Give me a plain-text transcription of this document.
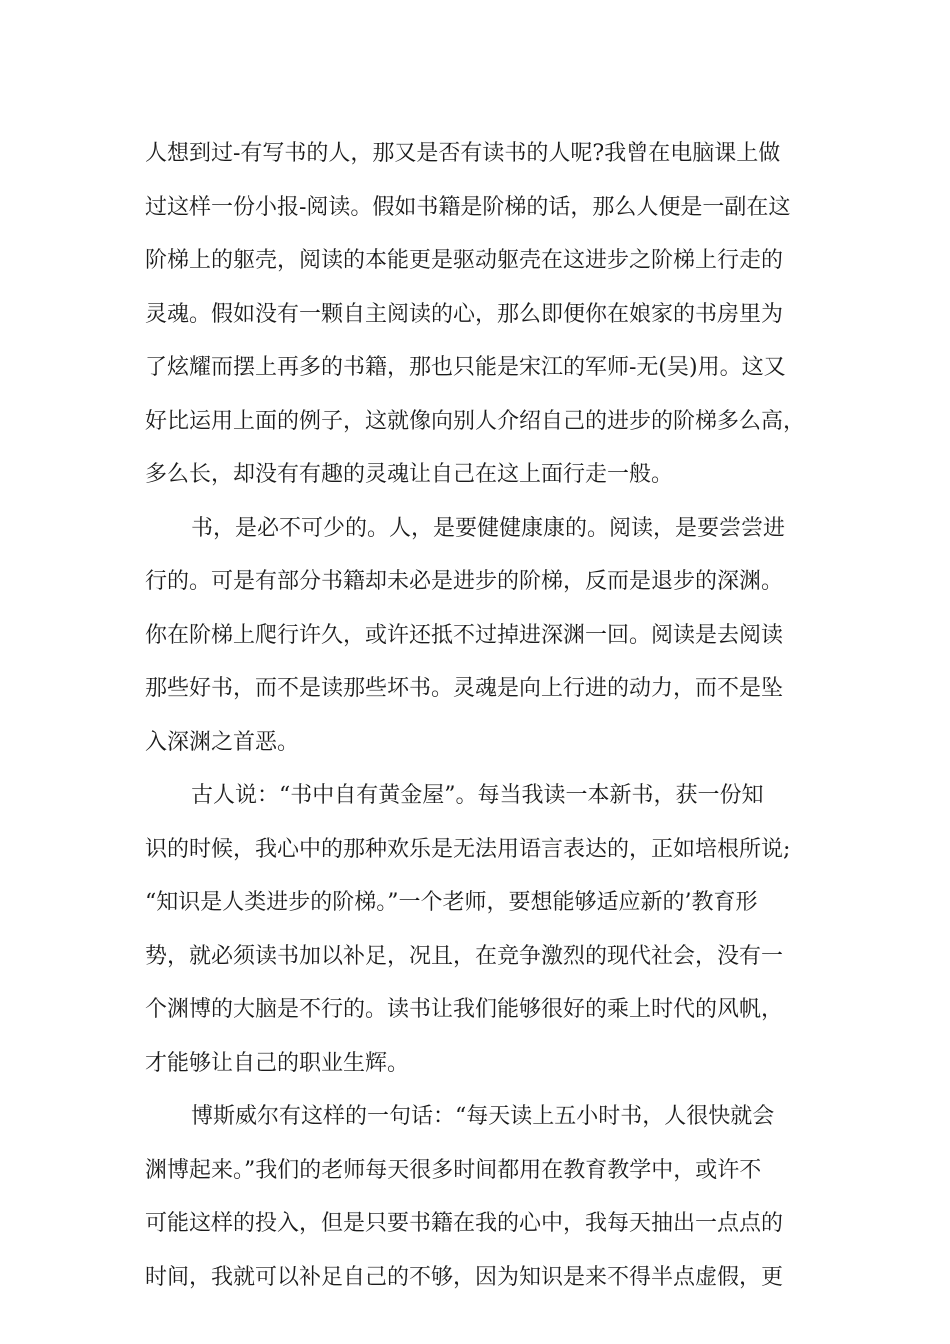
人想到过-有写书的人，那又是否有读书的人呢?我曾在电脑课上做
过这样一份小报-阅读。假如书籍是阶梯的话，那么人便是一副在这
阶梯上的躯壳，阅读的本能更是驱动躯壳在这进步之阶梯上行走的
灵魂。假如没有一颗自主阅读的心，那么即便你在娘家的书房里为
了炫耀而摆上再多的书籍，那也只能是宋江的军师-无(吴)用。这又
好比运用上面的例子，这就像向别人介绍自己的进步的阶梯多么高，
多么长，却没有有趣的灵魂让自己在这上面行走一般。
书，是必不可少的。人，是要健健康康的。阅读，是要尝尝进
行的。可是有部分书籍却未必是进步的阶梯，反而是退步的深渊。
你在阶梯上爬行许久，或许还抵不过掉进深渊一回。阅读是去阅读
那些好书，而不是读那些坏书。灵魂是向上行进的动力，而不是坠
入深渊之首恶。
古人说：“书中自有黄金屋”。每当我读一本新书，获一份知
识的时候，我心中的那种欢乐是无法用语言表达的，正如培根所说;
“知识是人类进步的阶梯。”一个老师，要想能够适应新的’教育形
势，就必须读书加以补足，况且，在竞争激烈的现代社会，没有一
个渊博的大脑是不行的。读书让我们能够很好的乘上时代的风帆，
才能够让自己的职业生辉。
博斯威尔有这样的一句话：“每天读上五小时书，人很快就会
渊博起来。”我们的老师每天很多时间都用在教育教学中，或许不
可能这样的投入，但是只要书籍在我的心中，我每天抽出一点点的
时间，我就可以补足自己的不够，因为知识是来不得半点虚假，更
